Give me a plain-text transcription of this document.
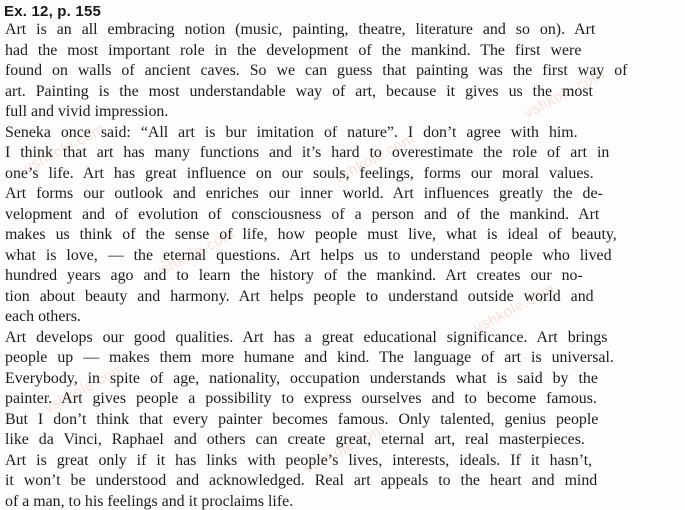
Ex. 12, p. 155
vshkole.com
vshkole.com	vshkole.com
vshkole.com
vshkole.com
vshkole.com
vshkole.com
Art is an all embracing notion (music, painting, theatre, literature and so on). Art
had the most important role in the development of the mankind. The first were
found on walls of ancient caves. So we can guess that painting was the first way of
art. Painting is the most understandable way of art, because it gives us the most
full and vivid impression.
Seneka once said: “All art is bur imitation of nature”. I don’t agree with him.
I think that art has many functions and it’s hard to overestimate the role of art in
one’s life. Art has great influence on our souls, feelings, forms our moral values.
Art forms our outlook and enriches our inner world. Art influences greatly the de-
velopment and of evolution of consciousness of a person and of the mankind. Art
makes us think of the sense of life, how people must live, what is ideal of beauty,
what is love, — the eternal questions. Art helps us to understand people who lived
hundred years ago and to learn the history of the mankind. Art creates our no-
tion about beauty and harmony. Art helps people to understand outside world and
each others.
Art develops our good qualities. Art has a great educational significance. Art brings
people up — makes them more humane and kind. The language of art is universal.
Everybody, in spite of age, nationality, occupation understands what is said by the
painter. Art gives people a possibility to express ourselves and to become famous.
But I don’t think that every painter becomes famous. Only talented, genius people
like da Vinci, Raphael and others can create great, eternal art, real masterpieces.
Art is great only if it has links with people’s lives, interests, ideals. If it hasn’t,
it won’t be understood and acknowledged. Real art appeals to the heart and mind
of a man, to his feelings and it proclaims life.
